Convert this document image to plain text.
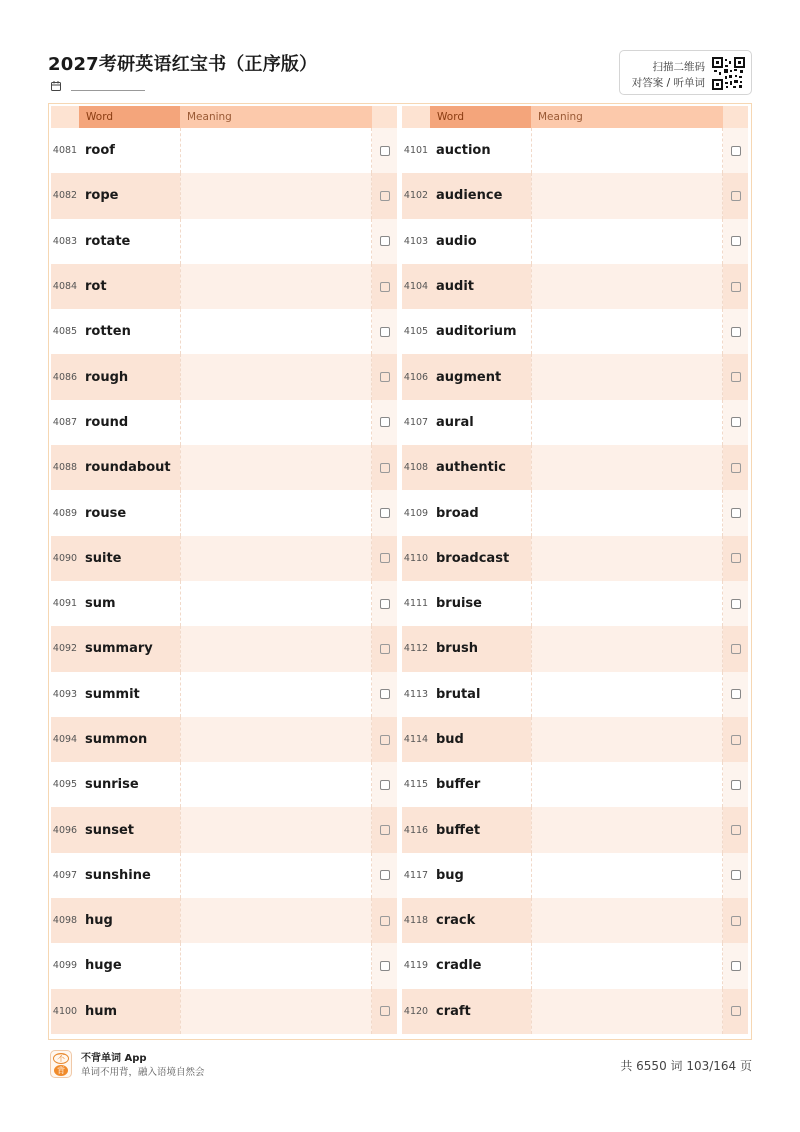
2027考研英语红宝书（正序版）	扫描二维码
对答案 / 听单词
Word	Meaning
4081 roof
4082 rope
4083 rotate
4084 rot
4085 rotten
4086 rough
4087 round
4088 roundabout
4089 rouse
4090 suite
4091 sum
4092 summary
4093 summit
4094 summon
4095 sunrise
4096 sunset
4097 sunshine
4098 hug
4099 huge
4100 hum
Word	Meaning
4101 auction
4102 audience
4103 audio
4104 audit
4105 auditorium
4106 augment
4107 aural
4108 authentic
4109 broad
4110 broadcast
4111 bruise
4112 brush
4113 brutal
4114 bud
4115 buffer
4116 buffet
4117 bug
4118 crack
4119 cradle
4120 craft
不
背
不背单词 App
单词不用背，融入语境自然会	共 6550 词 103/164 页
